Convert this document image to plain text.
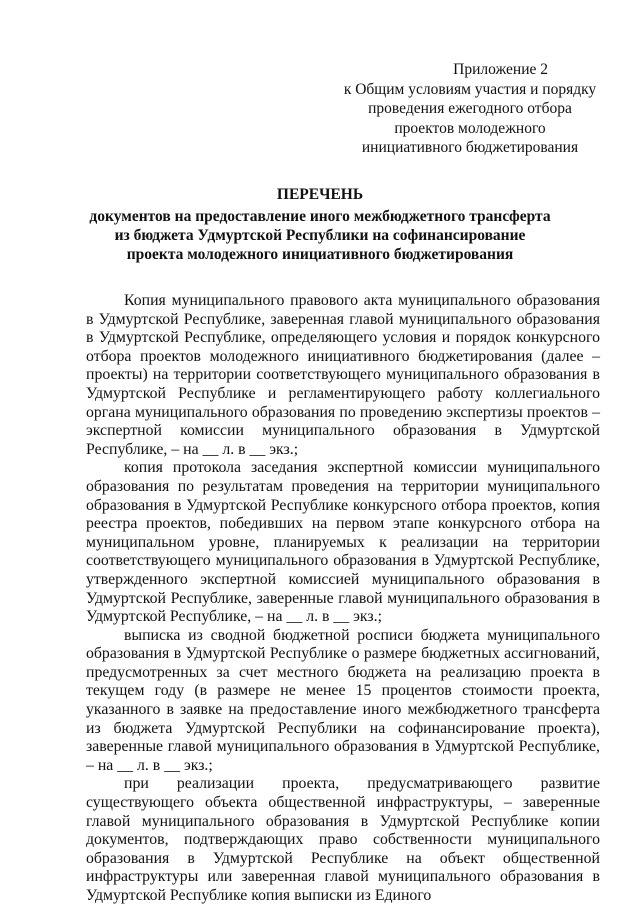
Приложение 2
к Общим условиям участия и порядку
проведения ежегодного отбора
проектов молодежного
инициативного бюджетирования
ПЕРЕЧЕНЬ
документов на предоставление иного межбюджетного трансферта
из бюджета Удмуртской Республики на софинансирование
проекта молодежного инициативного бюджетирования

Копия муниципального правового акта муниципального образования в Удмуртской Республике, заверенная главой муниципального образования в Удмуртской Республике, определяющего условия и порядок конкурсного отбора проектов молодежного инициативного бюджетирования (далее – проекты) на территории соответствующего муниципального образования в Удмуртской Республике и регламентирующего работу коллегиального органа муниципального образования по проведению экспертизы проектов – экспертной комиссии муниципального образования в Удмуртской Республике, – на __ л. в __ экз.;

копия протокола заседания экспертной комиссии муниципального образования по результатам проведения на территории муниципального образования в Удмуртской Республике конкурсного отбора проектов, копия реестра проектов, победивших на первом этапе конкурсного отбора на муниципальном уровне, планируемых к реализации на территории соответствующего муниципального образования в Удмуртской Республике, утвержденного экспертной комиссией муниципального образования в Удмуртской Республике, заверенные главой муниципального образования в Удмуртской Республике, – на __ л. в __ экз.;

выписка из сводной бюджетной росписи бюджета муниципального образования в Удмуртской Республике о размере бюджетных ассигнований, предусмотренных за счет местного бюджета на реализацию проекта в текущем году (в размере не менее 15 процентов стоимости проекта, указанного в заявке на предоставление иного межбюджетного трансферта из бюджета Удмуртской Республики на софинансирование проекта), заверенные главой муниципального образования в Удмуртской Республике, – на __ л. в __ экз.;

при реализации проекта, предусматривающего развитие существующего объекта общественной инфраструктуры, – заверенные главой муниципального образования в Удмуртской Республике копии документов, подтверждающих право собственности муниципального образования в Удмуртской Республике на объект общественной инфраструктуры или заверенная главой муниципального образования в Удмуртской Республике копия выписки из Единого
